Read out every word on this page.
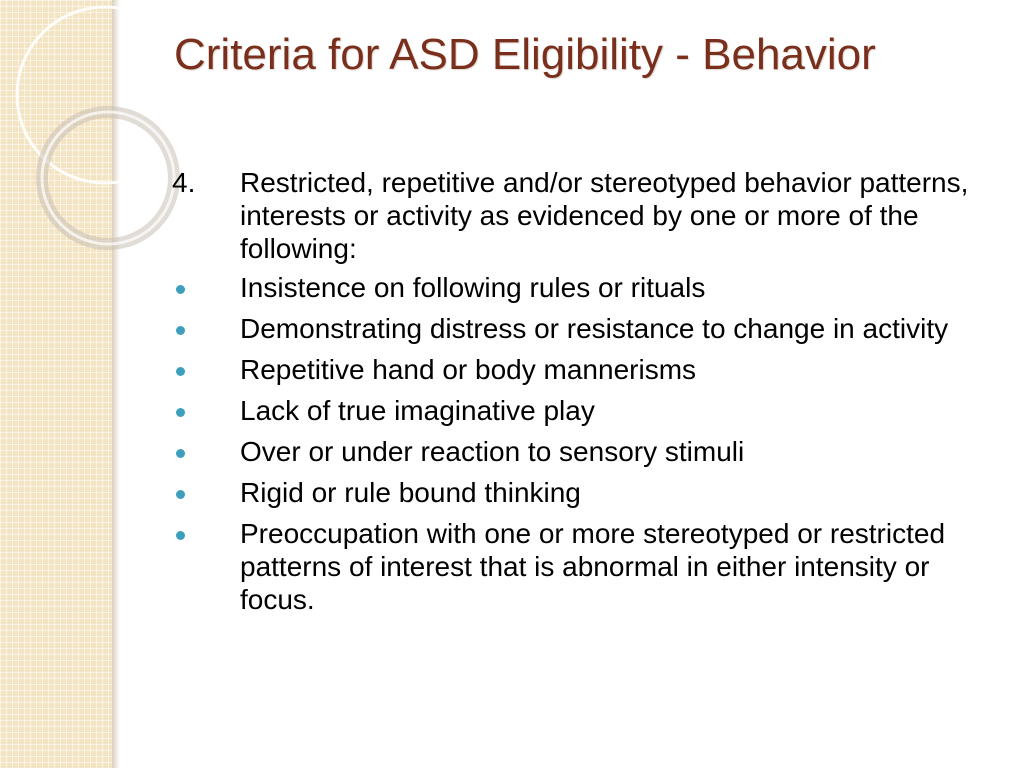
Criteria for ASD Eligibility - Behavior
4. Restricted, repetitive and/or stereotyped behavior patterns, interests or activity as evidenced by one or more of the following:
Insistence on following rules or rituals
Demonstrating distress or resistance to change in activity
Repetitive hand or body mannerisms
Lack of true imaginative play
Over or under reaction to sensory stimuli
Rigid or rule bound thinking
Preoccupation with one or more stereotyped or restricted patterns of interest that is abnormal in either intensity or focus.
